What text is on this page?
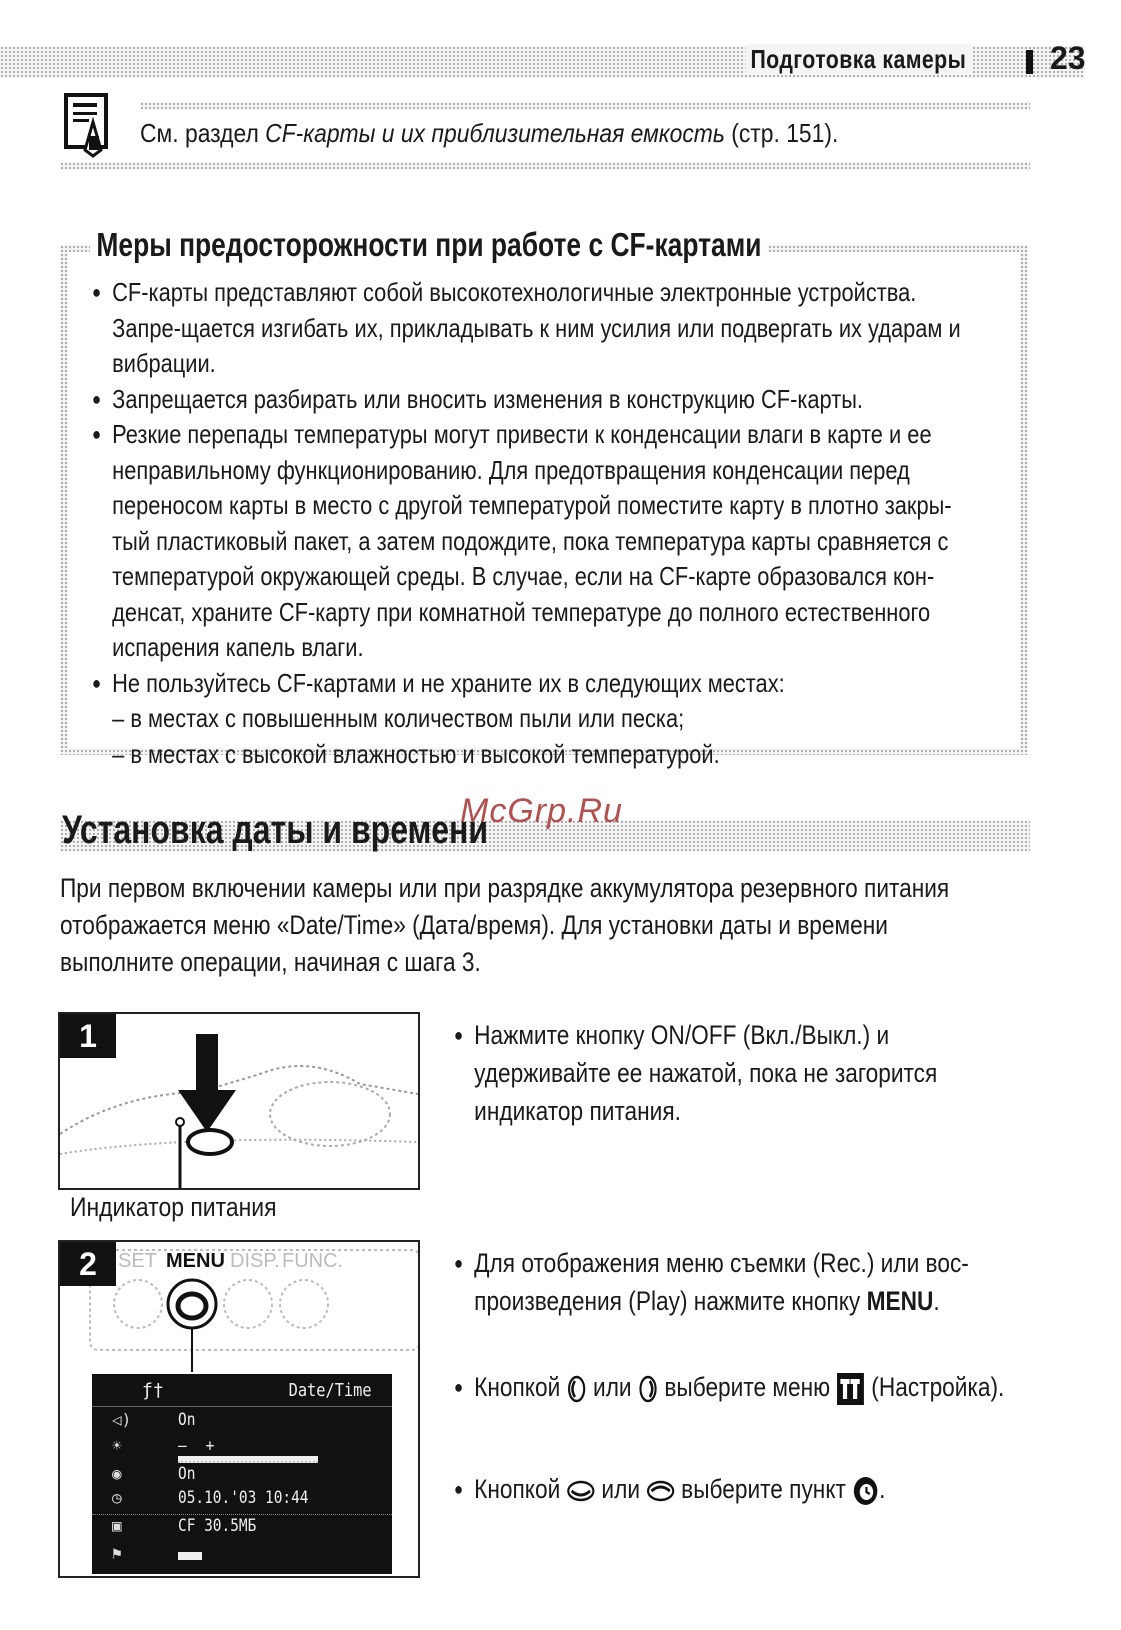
Подготовка камеры	23
См. раздел CF-карты и их приблизительная емкость (стр. 151).
Меры предосторожности при работе с CF-картами
● CF-карты представляют собой высокотехнологичные электронные устройства. Запре-щается изгибать их, прикладывать к ним усилия или подвергать их ударам и вибрации.
● Запрещается разбирать или вносить изменения в конструкцию CF-карты.
● Резкие перепады температуры могут привести к конденсации влаги в карте и ее неправильному функционированию. Для предотвращения конденсации перед переносом карты в место с другой температурой поместите карту в плотно закры-тый пластиковый пакет, а затем подождите, пока температура карты сравняется с температурой окружающей среды. В случае, если на CF-карте образовался кон-денсат, храните CF-карту при комнатной температуре до полного естественного испарения капель влаги.
● Не пользуйтесь CF-картами и не храните их в следующих местах:
– в местах с повышенным количеством пыли или песка;
– в местах с высокой влажностью и высокой температурой.
Установка даты и времени
McGrp.Ru
При первом включении камеры или при разрядке аккумулятора резервного питания отображается меню «Date/Time» (Дата/время). Для установки даты и времени выполните операции, начиная с шага 3.
1
Индикатор питания
● Нажмите кнопку ON/OFF (Вкл./Выкл.) и удерживайте ее нажатой, пока не загорится индикатор питания.
2	SET MENU DISP. FUNC.
ƒ†	Date/Time
◁)	On
☀	– +
◉	On
◷	05.10.'03 10:44
▣	CF 30.5МБ
⚑
● Для отображения меню съемки (Rec.) или вос-произведения (Play) нажмите кнопку MENU.
● Кнопкой  или  выберите меню  (Настройка).
● Кнопкой  или  выберите пункт .
